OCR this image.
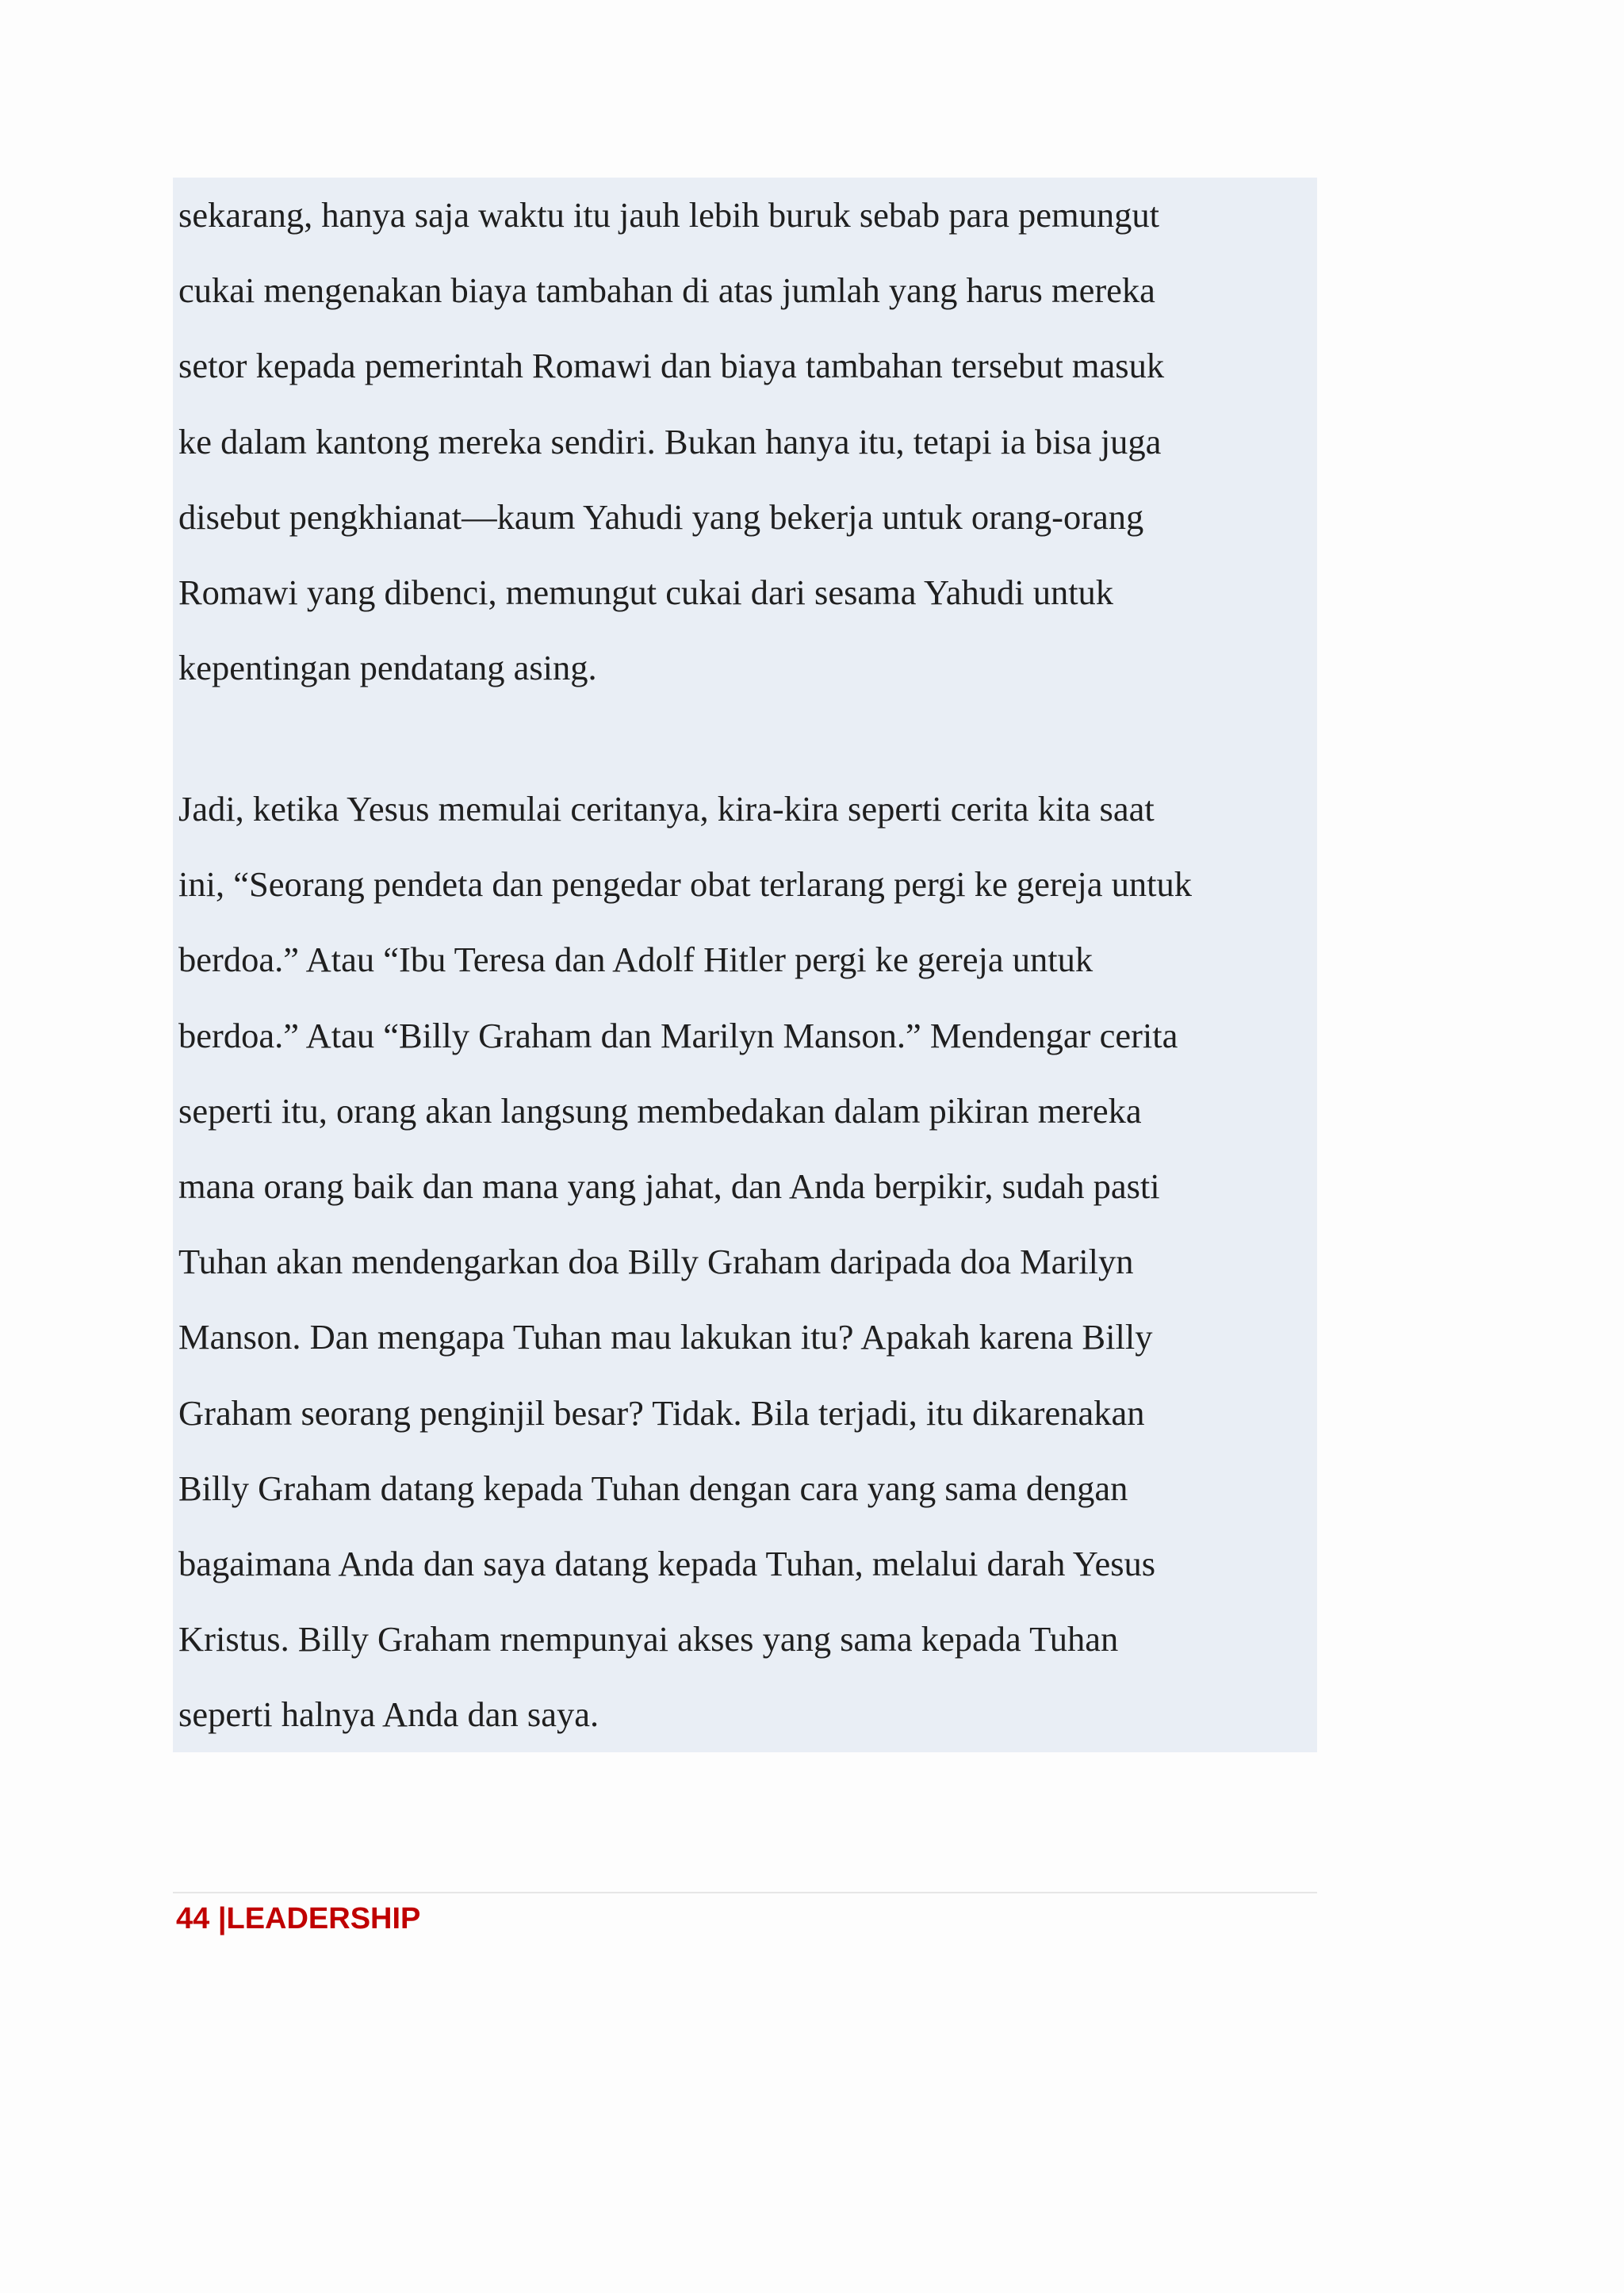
sekarang, hanya saja waktu itu jauh lebih buruk sebab para pemungut
cukai mengenakan biaya tambahan di atas jumlah yang harus mereka
setor kepada pemerintah Romawi dan biaya tambahan tersebut masuk
ke dalam kantong mereka sendiri. Bukan hanya itu, tetapi ia bisa juga
disebut pengkhianat—kaum Yahudi yang bekerja untuk orang-orang
Romawi yang dibenci, memungut cukai dari sesama Yahudi untuk
kepentingan pendatang asing.

Jadi, ketika Yesus memulai ceritanya, kira-kira seperti cerita kita saat
ini, “Seorang pendeta dan pengedar obat terlarang pergi ke gereja untuk
berdoa.” Atau “Ibu Teresa dan Adolf Hitler pergi ke gereja untuk
berdoa.” Atau “Billy Graham dan Marilyn Manson.” Mendengar cerita
seperti itu, orang akan langsung membedakan dalam pikiran mereka
mana orang baik dan mana yang jahat, dan Anda berpikir, sudah pasti
Tuhan akan mendengarkan doa Billy Graham daripada doa Marilyn
Manson. Dan mengapa Tuhan mau lakukan itu? Apakah karena Billy
Graham seorang penginjil besar? Tidak. Bila terjadi, itu dikarenakan
Billy Graham datang kepada Tuhan dengan cara yang sama dengan
bagaimana Anda dan saya datang kepada Tuhan, melalui darah Yesus
Kristus. Billy Graham rnempunyai akses yang sama kepada Tuhan
seperti halnya Anda dan saya.

44 |LEADERSHIP
